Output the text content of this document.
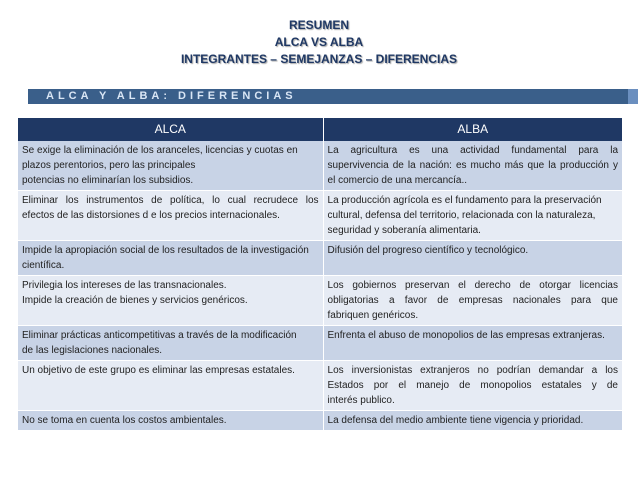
RESUMEN
ALCA VS ALBA
INTEGRANTES – SEMEJANZAS – DIFERENCIAS
ALCA Y ALBA: DIFERENCIAS
ALCA	ALBA

Se exige la eliminación de los aranceles, licencias y cuotas en
plazos perentorios, pero las principales
potencias no eliminarían los subsidios.	La agricultura es una actividad fundamental para la
supervivencia de la nación: es mucho más que la producción y
el comercio de una mercancía..

Eliminar los instrumentos de política, lo cual recrudece los
efectos de las distorsiones d e los precios internacionales.	La producción agrícola es el fundamento para la preservación
cultural, defensa del territorio, relacionada con la naturaleza,
seguridad y soberanía alimentaria.

Impide la apropiación social de los resultados de la investigación
científica.	Difusión del progreso científico y tecnológico.

Privilegia los intereses de las transnacionales.
Impide la creación de bienes y servicios genéricos.	Los gobiernos preservan el derecho de otorgar licencias
obligatorias a favor de empresas nacionales para que
fabriquen genéricos.

Eliminar prácticas anticompetitivas a través de la modificación
de las legislaciones nacionales.	Enfrenta el abuso de monopolios de las empresas extranjeras.

Un objetivo de este grupo es eliminar las empresas estatales.	Los inversionistas extranjeros no podrían demandar a los
Estados por el manejo de monopolios estatales y de
interés publico.

No se toma en cuenta los costos ambientales.	La defensa del medio ambiente tiene vigencia y prioridad.
